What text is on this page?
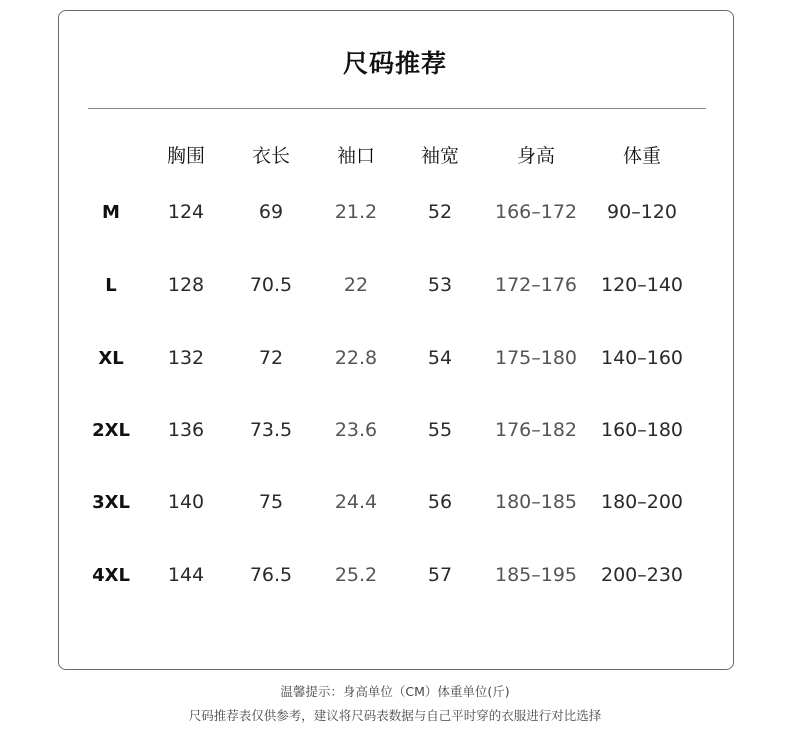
尺码推荐
胸围 衣长 袖口 袖宽	身高	体重
M	124	69	21.2	52 166–172 90–120
L	128 70.5	22	53 172–176 120–140
XL 132	72	22.8	54 175–180 140–160
2XL 136 73.5 23.6	55 176–182 160–180
3XL 140	75	24.4	56 180–185 180–200
4XL 144 76.5 25.2	57 185–195 200–230
温馨提示：身高单位（CM）体重单位(斤)
尺码推荐表仅供参考，建议将尺码表数据与自己平时穿的衣服进行对比选择
